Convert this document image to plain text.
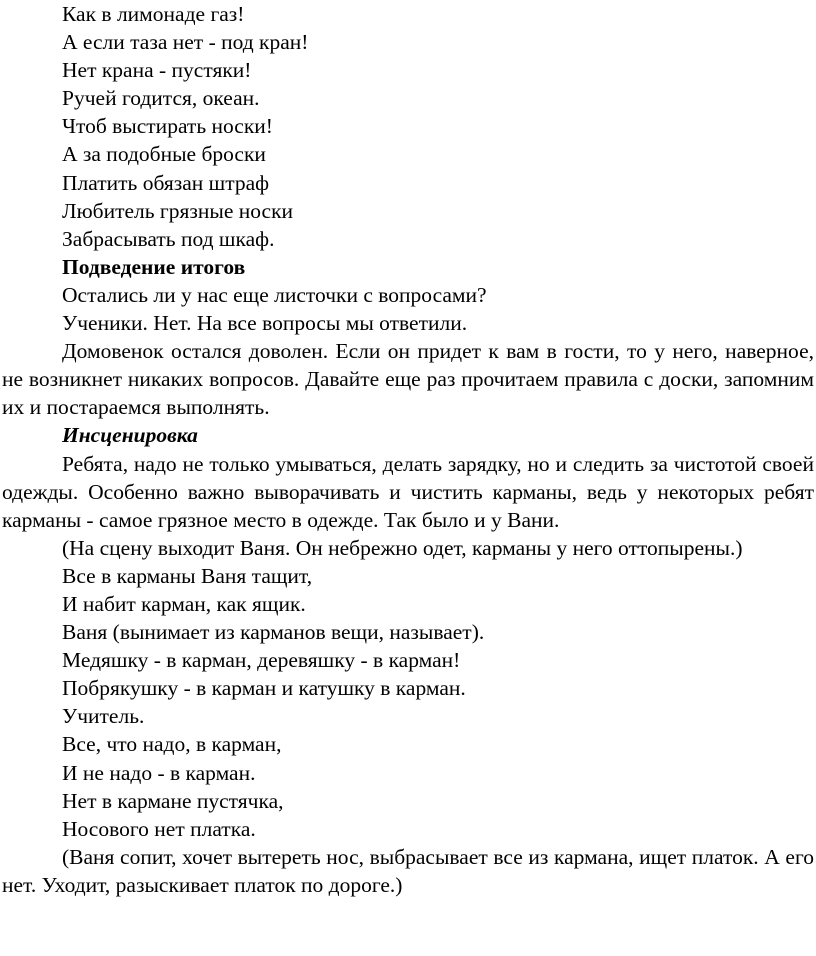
Как в лимонаде газ!

А если таза нет - под кран!

Нет крана - пустяки!

Ручей годится, океан.

Чтоб выстирать носки!

А за подобные броски

Платить обязан штраф

Любитель грязные носки

Забрасывать под шкаф.

Подведение итогов

Остались ли у нас еще листочки с вопросами?

Ученики. Нет. На все вопросы мы ответили.

Домовенок остался доволен. Если он придет к вам в гости, то у него, наверное, не возникнет никаких вопросов. Давайте еще раз прочитаем правила с доски, запомним их и постараемся выполнять.

Инсценировка

Ребята, надо не только умываться, делать зарядку, но и следить за чистотой своей одежды. Особенно важно выворачивать и чистить карманы, ведь у некоторых ребят карманы - самое грязное место в одежде. Так было и у Вани.

(На сцену выходит Ваня. Он небрежно одет, карманы у него оттопырены.)

Все в карманы Ваня тащит,

И набит карман, как ящик.

Ваня (вынимает из карманов вещи, называет).

Медяшку - в карман, деревяшку - в карман!

Побрякушку - в карман и катушку в карман.

Учитель.

Все, что надо, в карман,

И не надо - в карман.

Нет в кармане пустячка,

Носового нет платка.

(Ваня сопит, хочет вытереть нос, выбрасывает все из кармана, ищет платок. А его нет. Уходит, разыскивает платок по дороге.)
